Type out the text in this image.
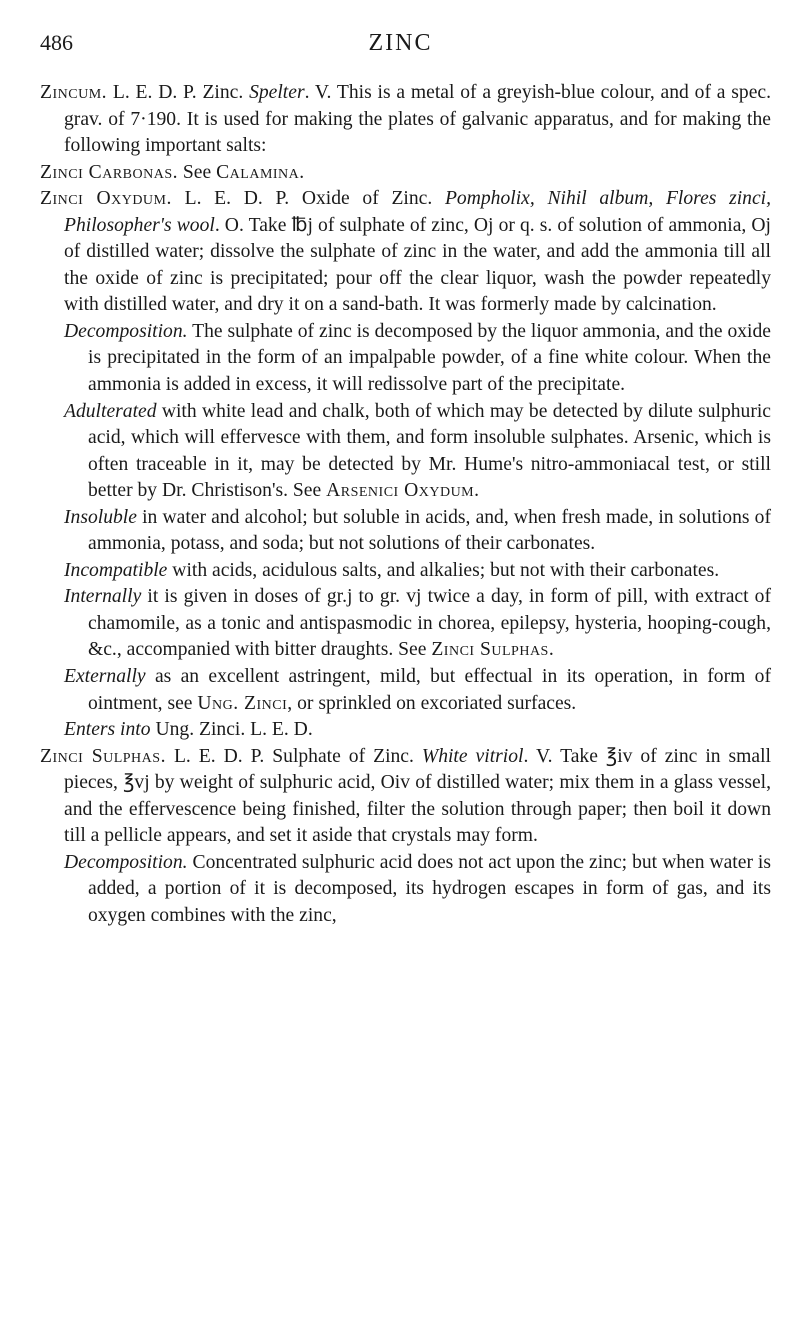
486	ZINC

Zincum. L. E. D. P. Zinc. Spelter. V. This is a metal of a greyish-blue colour, and of a spec. grav. of 7·190. It is used for making the plates of galvanic apparatus, and for making the following important salts:

Zinci Carbonas. See Calamina.

Zinci Oxydum. L. E. D. P. Oxide of Zinc. Pompholix, Nihil album, Flores zinci, Philosopher's wool. O. Take ℔j of sulphate of zinc, Oj or q. s. of solution of ammonia, Oj of distilled water; dissolve the sulphate of zinc in the water, and add the ammonia till all the oxide of zinc is precipitated; pour off the clear liquor, wash the powder repeatedly with distilled water, and dry it on a sand-bath. It was formerly made by calcination.

Decomposition. The sulphate of zinc is decomposed by the liquor ammonia, and the oxide is precipitated in the form of an impalpable powder, of a fine white colour. When the ammonia is added in excess, it will redissolve part of the precipitate.

Adulterated with white lead and chalk, both of which may be detected by dilute sulphuric acid, which will effervesce with them, and form insoluble sulphates. Arsenic, which is often traceable in it, may be detected by Mr. Hume's nitro-ammoniacal test, or still better by Dr. Christison's. See Arsenici Oxydum.

Insoluble in water and alcohol; but soluble in acids, and, when fresh made, in solutions of ammonia, potass, and soda; but not solutions of their carbonates.

Incompatible with acids, acidulous salts, and alkalies; but not with their carbonates.

Internally it is given in doses of gr.j to gr. vj twice a day, in form of pill, with extract of chamomile, as a tonic and antispasmodic in chorea, epilepsy, hysteria, hooping-cough, &c., accompanied with bitter draughts. See Zinci Sulphas.

Externally as an excellent astringent, mild, but effectual in its operation, in form of ointment, see Ung. Zinci, or sprinkled on excoriated surfaces.

Enters into Ung. Zinci. L. E. D.

Zinci Sulphas. L. E. D. P. Sulphate of Zinc. White vitriol. V. Take ℥iv of zinc in small pieces, ℥vj by weight of sulphuric acid, Oiv of distilled water; mix them in a glass vessel, and the effervescence being finished, filter the solution through paper; then boil it down till a pellicle appears, and set it aside that crystals may form.

Decomposition. Concentrated sulphuric acid does not act upon the zinc; but when water is added, a portion of it is decomposed, its hydrogen escapes in form of gas, and its oxygen combines with the zinc,
